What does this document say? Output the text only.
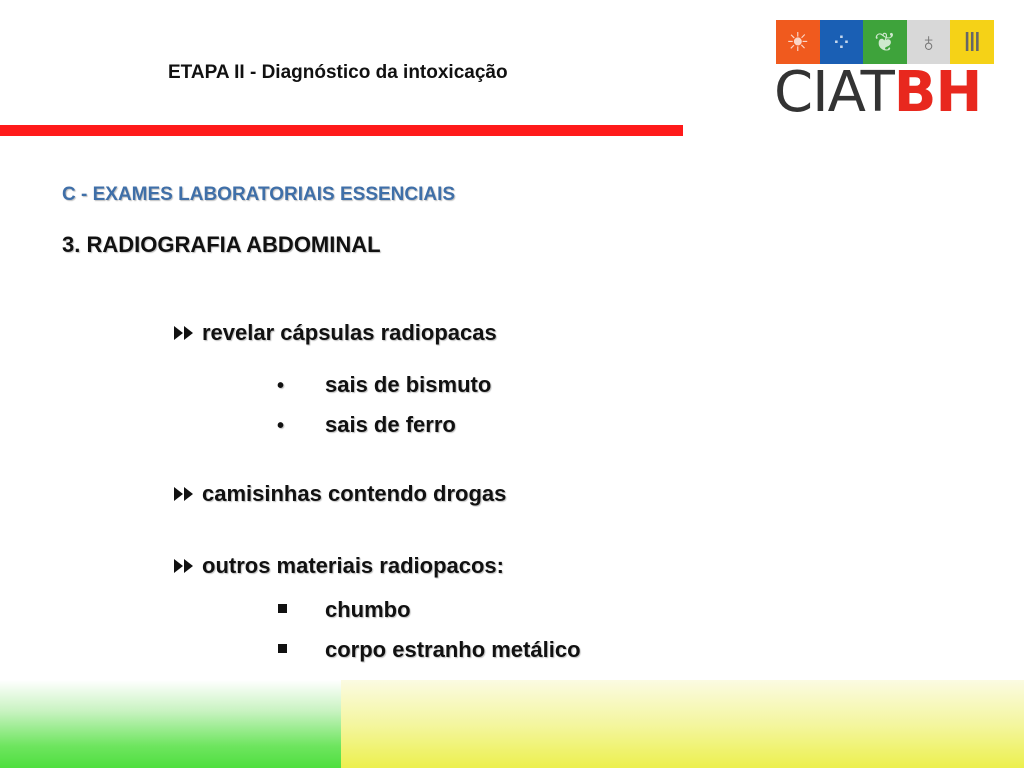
ETAPA II - Diagnóstico da intoxicação
☀ ⁘ ❦ ♁ Ⅲ
CIATBH
C - EXAMES LABORATORIAIS ESSENCIAIS
3. RADIOGRAFIA ABDOMINAL
revelar cápsulas radiopacas
•	sais de bismuto
•	sais de ferro
camisinhas contendo drogas
outros materiais radiopacos:
chumbo
corpo estranho metálico
